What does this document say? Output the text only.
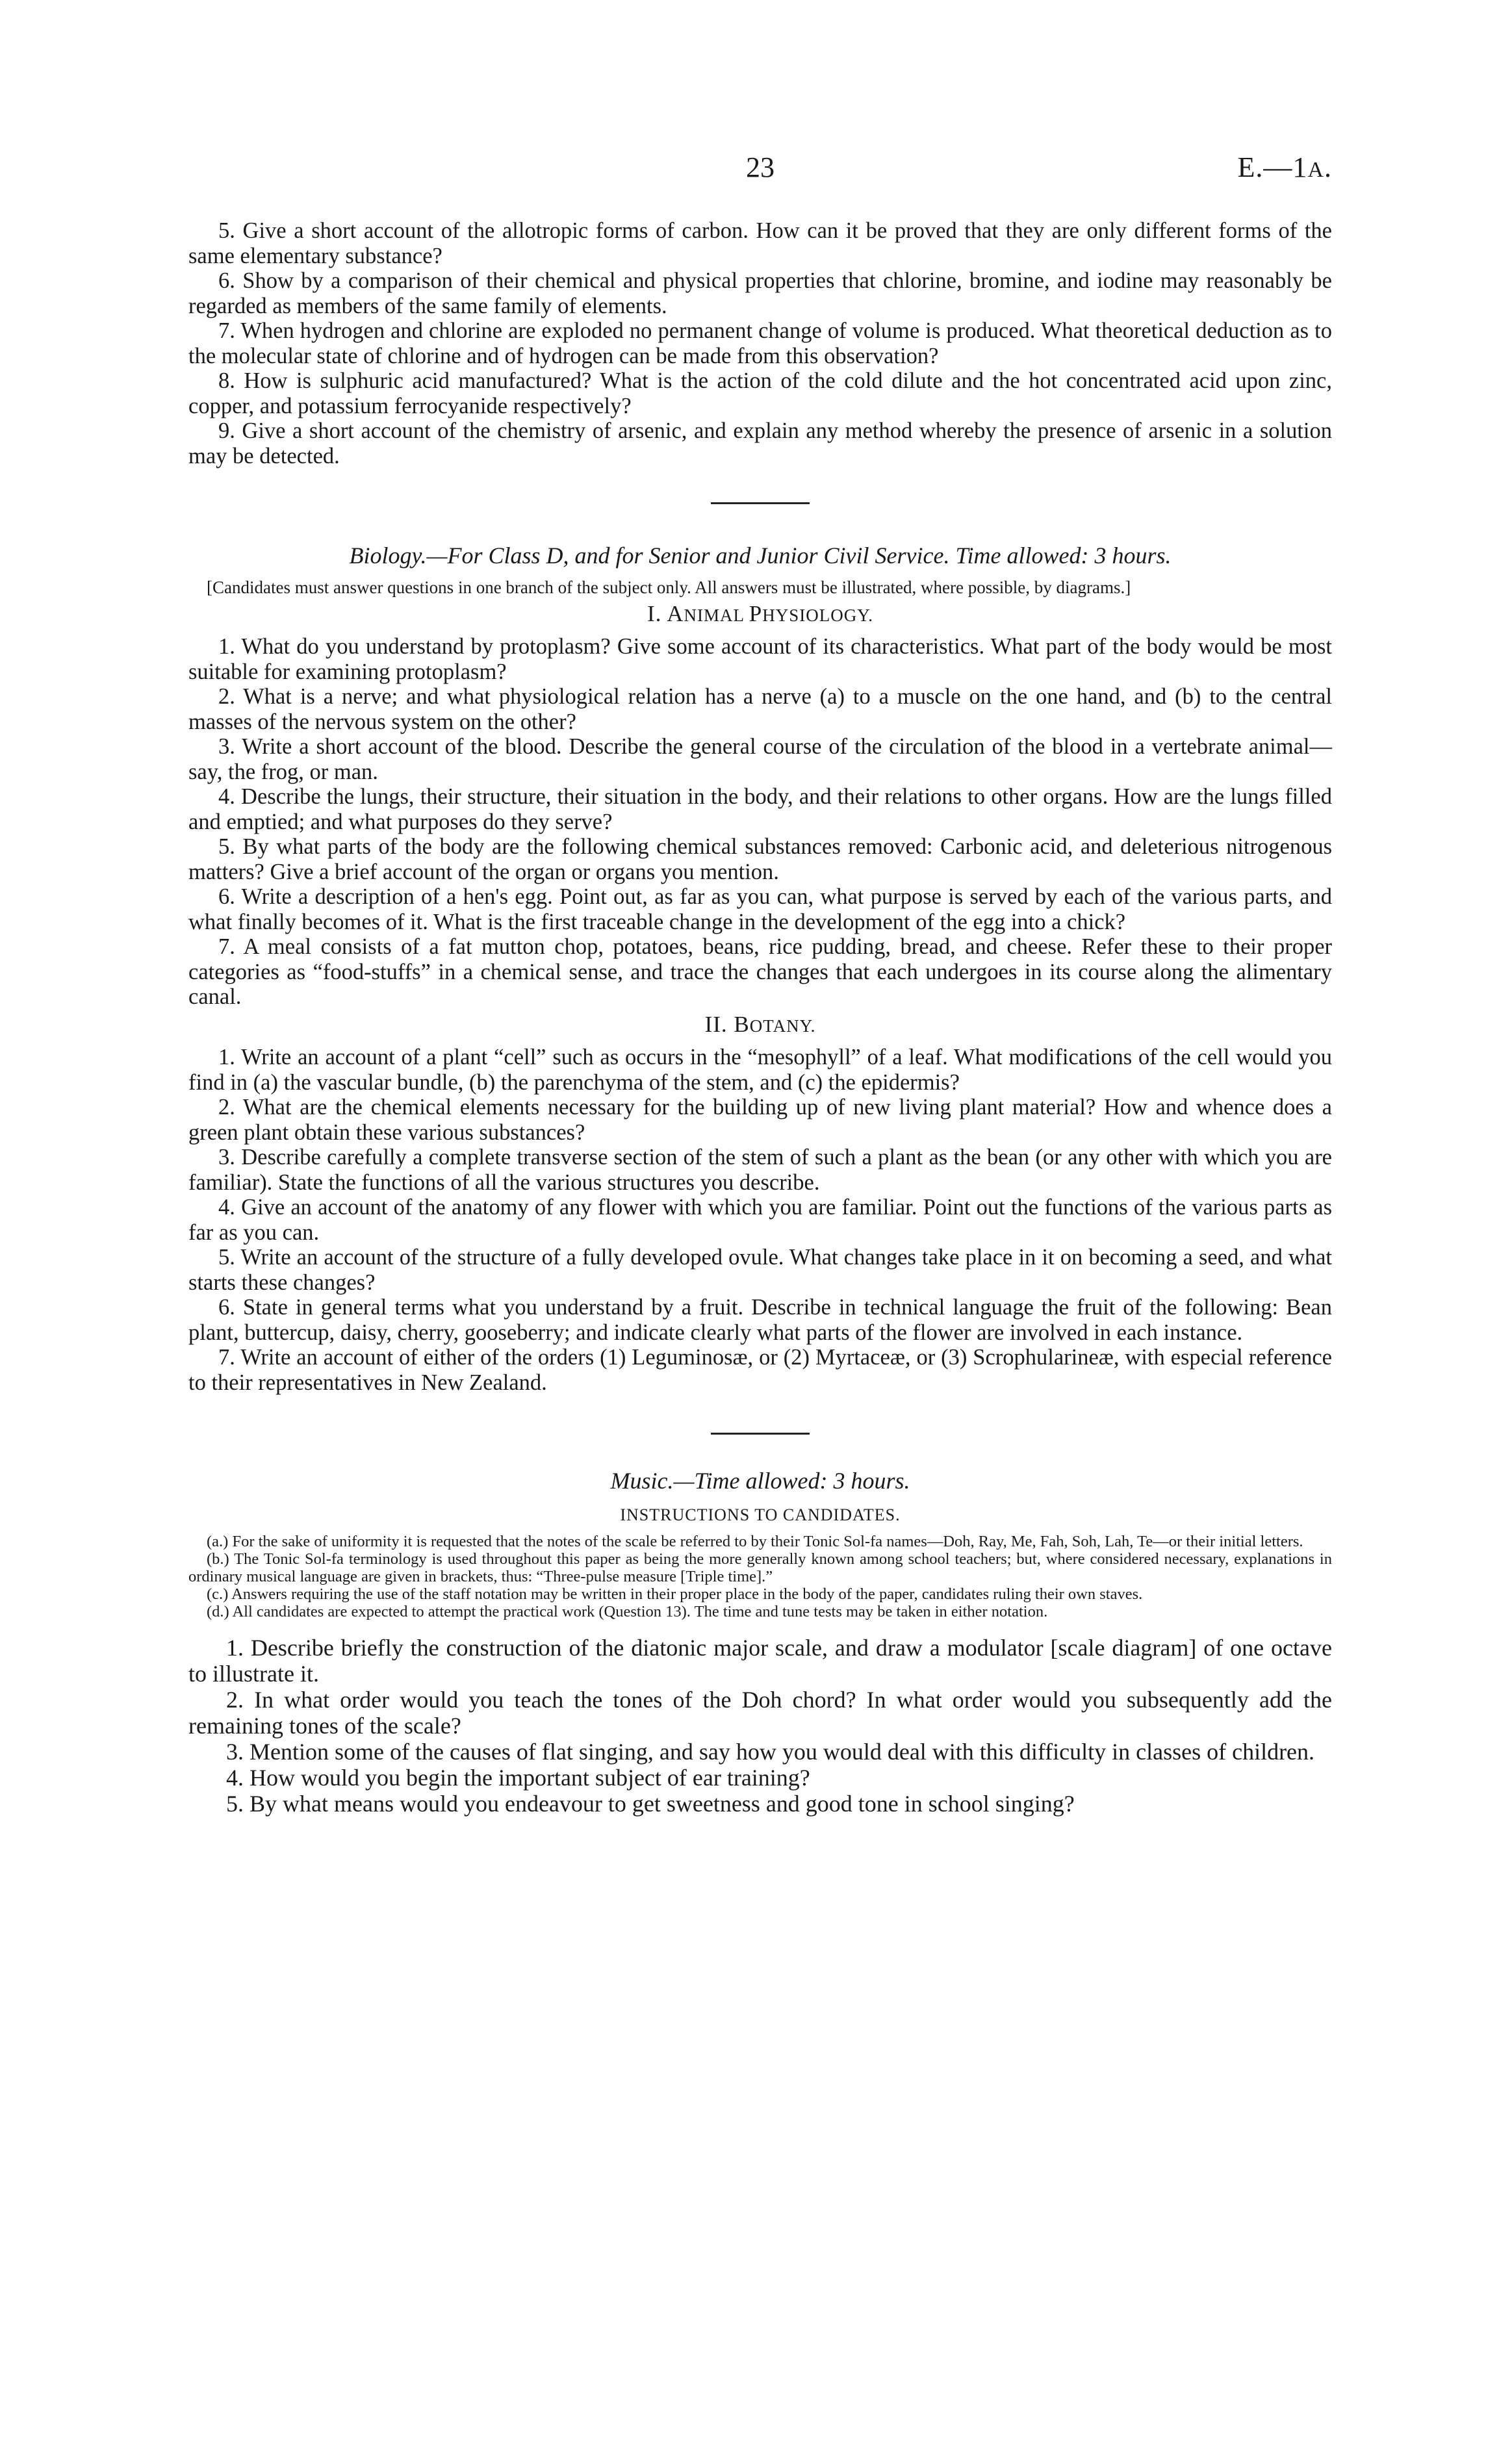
23	E.—1A.

5. Give a short account of the allotropic forms of carbon. How can it be proved that they are only different forms of the same elementary substance?

6. Show by a comparison of their chemical and physical properties that chlorine, bromine, and iodine may reasonably be regarded as members of the same family of elements.

7. When hydrogen and chlorine are exploded no permanent change of volume is produced. What theoretical deduction as to the molecular state of chlorine and of hydrogen can be made from this observation?

8. How is sulphuric acid manufactured? What is the action of the cold dilute and the hot concentrated acid upon zinc, copper, and potassium ferrocyanide respectively?

9. Give a short account of the chemistry of arsenic, and explain any method whereby the presence of arsenic in a solution may be detected.

Biology.—For Class D, and for Senior and Junior Civil Service. Time allowed: 3 hours.

[Candidates must answer questions in one branch of the subject only. All answers must be illustrated, where possible, by diagrams.]

I. ANIMAL PHYSIOLOGY.

1. What do you understand by protoplasm? Give some account of its characteristics. What part of the body would be most suitable for examining protoplasm?

2. What is a nerve; and what physiological relation has a nerve (a) to a muscle on the one hand, and (b) to the central masses of the nervous system on the other?

3. Write a short account of the blood. Describe the general course of the circulation of the blood in a vertebrate animal—say, the frog, or man.

4. Describe the lungs, their structure, their situation in the body, and their relations to other organs. How are the lungs filled and emptied; and what purposes do they serve?

5. By what parts of the body are the following chemical substances removed: Carbonic acid, and deleterious nitrogenous matters? Give a brief account of the organ or organs you mention.

6. Write a description of a hen's egg. Point out, as far as you can, what purpose is served by each of the various parts, and what finally becomes of it. What is the first traceable change in the development of the egg into a chick?

7. A meal consists of a fat mutton chop, potatoes, beans, rice pudding, bread, and cheese. Refer these to their proper categories as “food-stuffs” in a chemical sense, and trace the changes that each undergoes in its course along the alimentary canal.

II. BOTANY.

1. Write an account of a plant “cell” such as occurs in the “mesophyll” of a leaf. What modifications of the cell would you find in (a) the vascular bundle, (b) the parenchyma of the stem, and (c) the epidermis?

2. What are the chemical elements necessary for the building up of new living plant material? How and whence does a green plant obtain these various substances?

3. Describe carefully a complete transverse section of the stem of such a plant as the bean (or any other with which you are familiar). State the functions of all the various structures you describe.

4. Give an account of the anatomy of any flower with which you are familiar. Point out the functions of the various parts as far as you can.

5. Write an account of the structure of a fully developed ovule. What changes take place in it on becoming a seed, and what starts these changes?

6. State in general terms what you understand by a fruit. Describe in technical language the fruit of the following: Bean plant, buttercup, daisy, cherry, gooseberry; and indicate clearly what parts of the flower are involved in each instance.

7. Write an account of either of the orders (1) Leguminosæ, or (2) Myrtaceæ, or (3) Scrophularineæ, with especial reference to their representatives in New Zealand.

Music.—Time allowed: 3 hours.

INSTRUCTIONS TO CANDIDATES.

(a.) For the sake of uniformity it is requested that the notes of the scale be referred to by their Tonic Sol-fa names—Doh, Ray, Me, Fah, Soh, Lah, Te—or their initial letters.

(b.) The Tonic Sol-fa terminology is used throughout this paper as being the more generally known among school teachers; but, where considered necessary, explanations in ordinary musical language are given in brackets, thus: “Three-pulse measure [Triple time].”

(c.) Answers requiring the use of the staff notation may be written in their proper place in the body of the paper, candidates ruling their own staves.

(d.) All candidates are expected to attempt the practical work (Question 13). The time and tune tests may be taken in either notation.

1. Describe briefly the construction of the diatonic major scale, and draw a modulator [scale diagram] of one octave to illustrate it.

2. In what order would you teach the tones of the Doh chord? In what order would you subsequently add the remaining tones of the scale?

3. Mention some of the causes of flat singing, and say how you would deal with this difficulty in classes of children.

4. How would you begin the important subject of ear training?

5. By what means would you endeavour to get sweetness and good tone in school singing?
